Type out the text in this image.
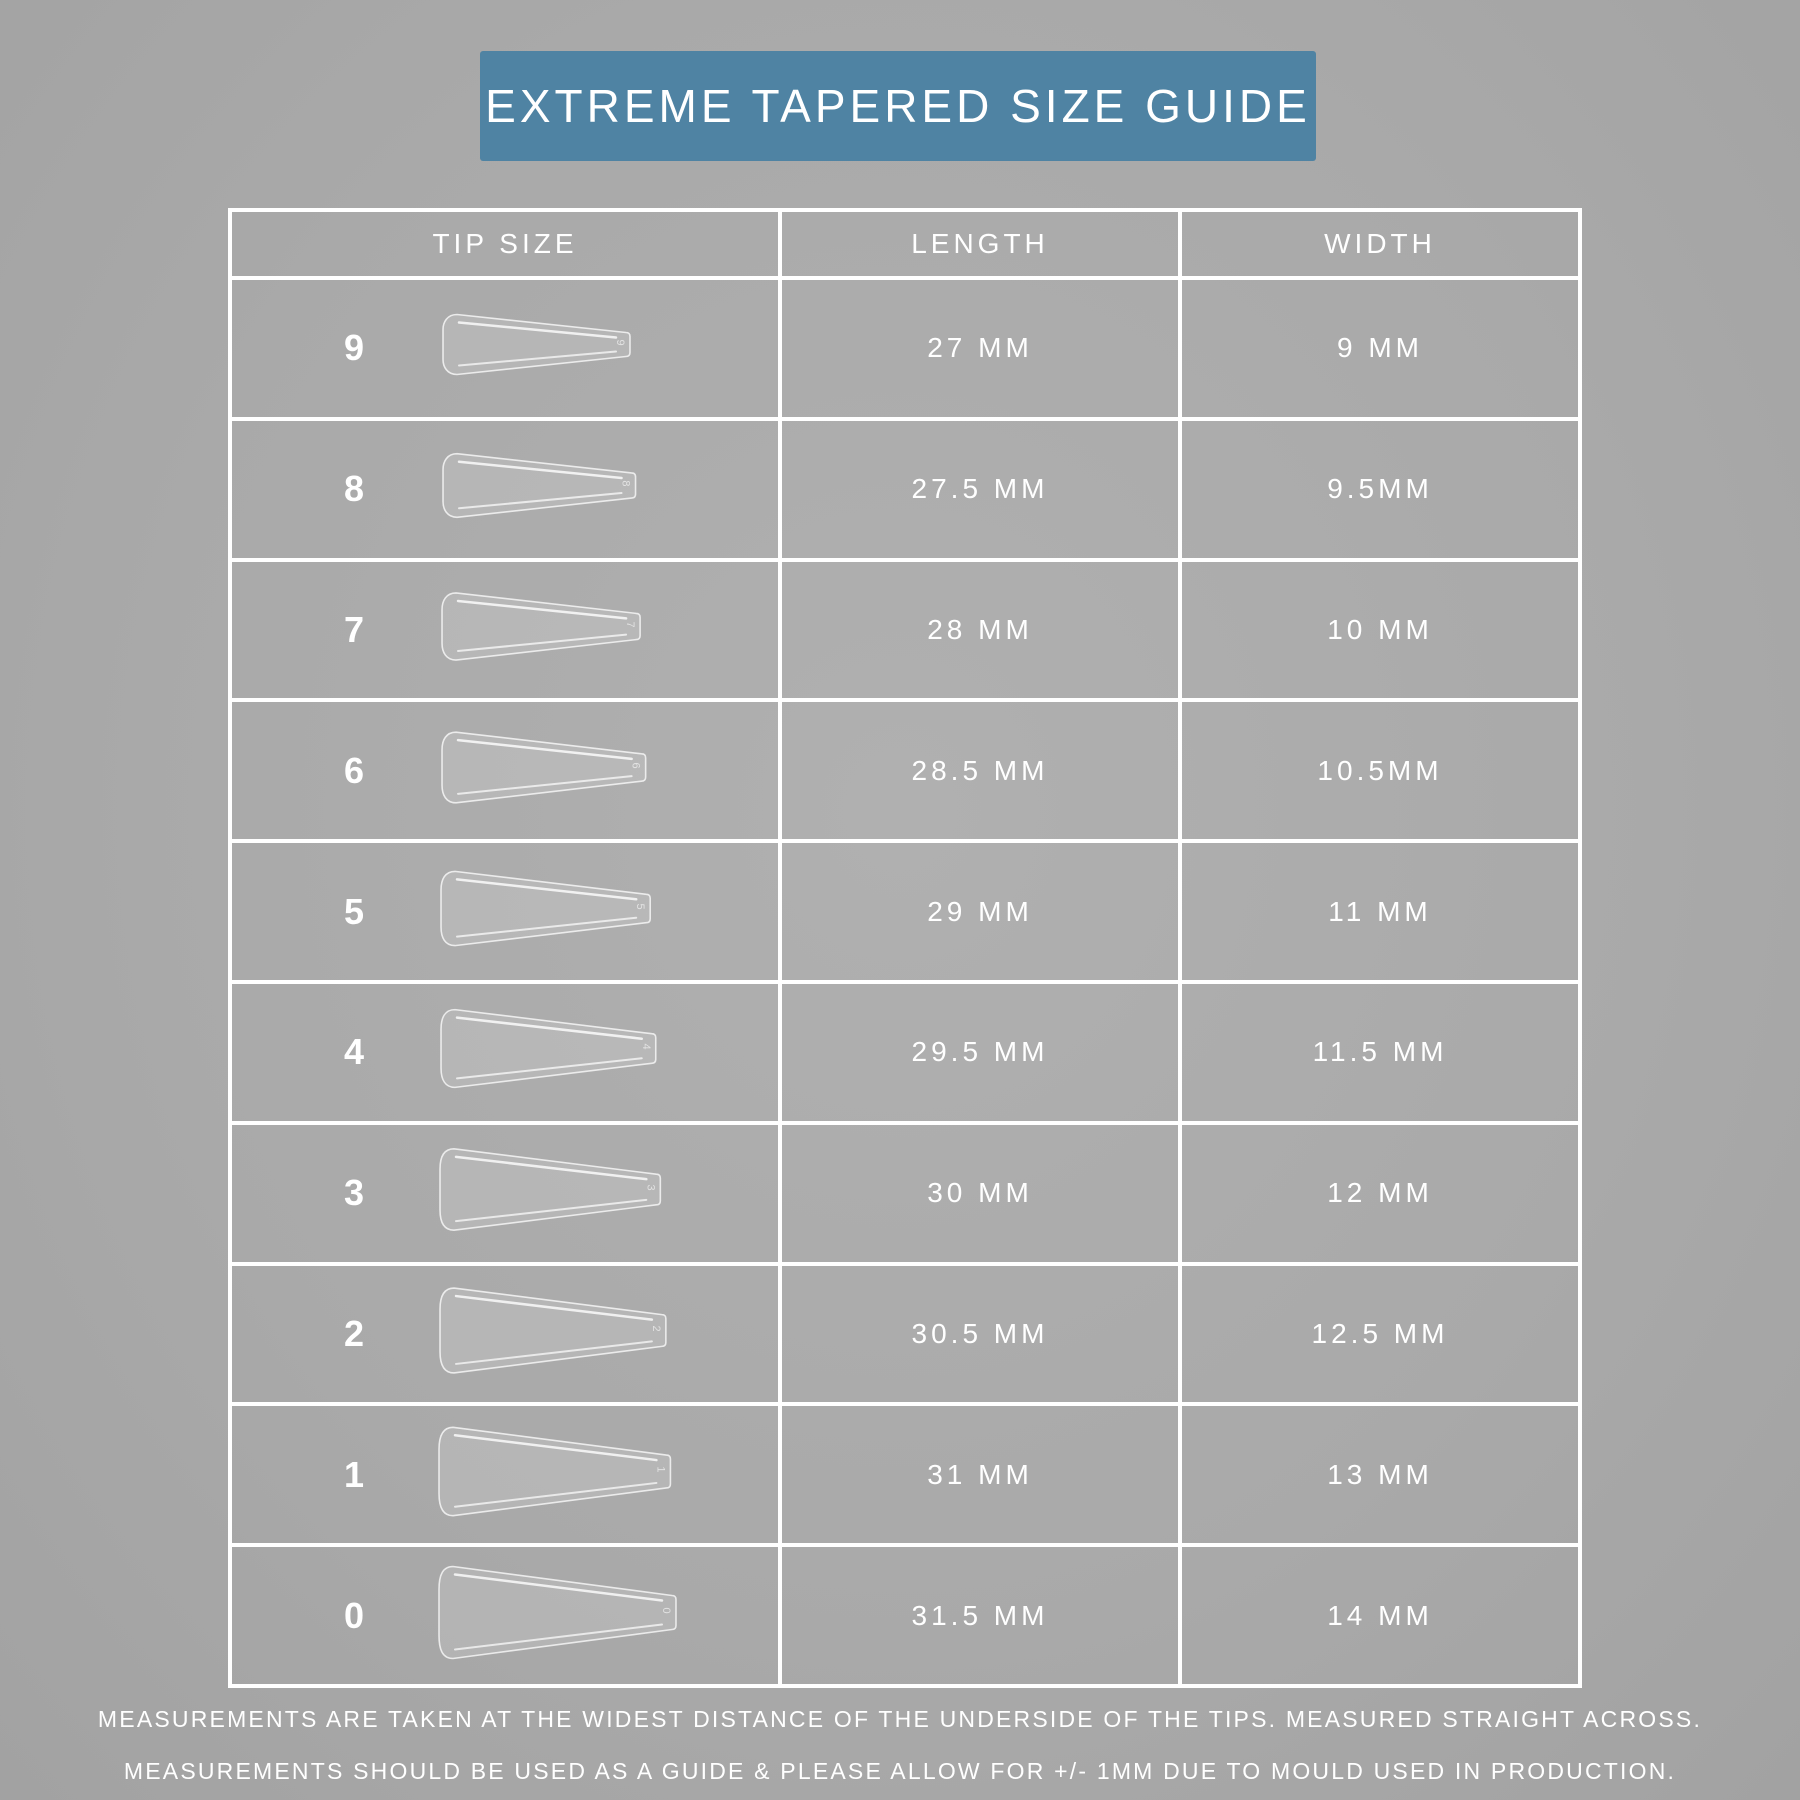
EXTREME TAPERED SIZE GUIDE
TIP SIZE	LENGTH	WIDTH

9 9	27 MM	9 MM

8 8	27.5 MM	9.5MM

7 7	28 MM	10 MM

6 6	28.5 MM	10.5MM

5 5	29 MM	11 MM

4 4	29.5 MM	11.5 MM

3 3	30 MM	12 MM

2 2	30.5 MM	12.5 MM

1 1	31 MM	13 MM

0 0	31.5 MM	14 MM
MEASUREMENTS ARE TAKEN AT THE WIDEST DISTANCE OF THE UNDERSIDE OF THE TIPS. MEASURED STRAIGHT ACROSS.
MEASUREMENTS SHOULD BE USED AS A GUIDE & PLEASE ALLOW FOR +/- 1MM DUE TO MOULD USED IN PRODUCTION.
